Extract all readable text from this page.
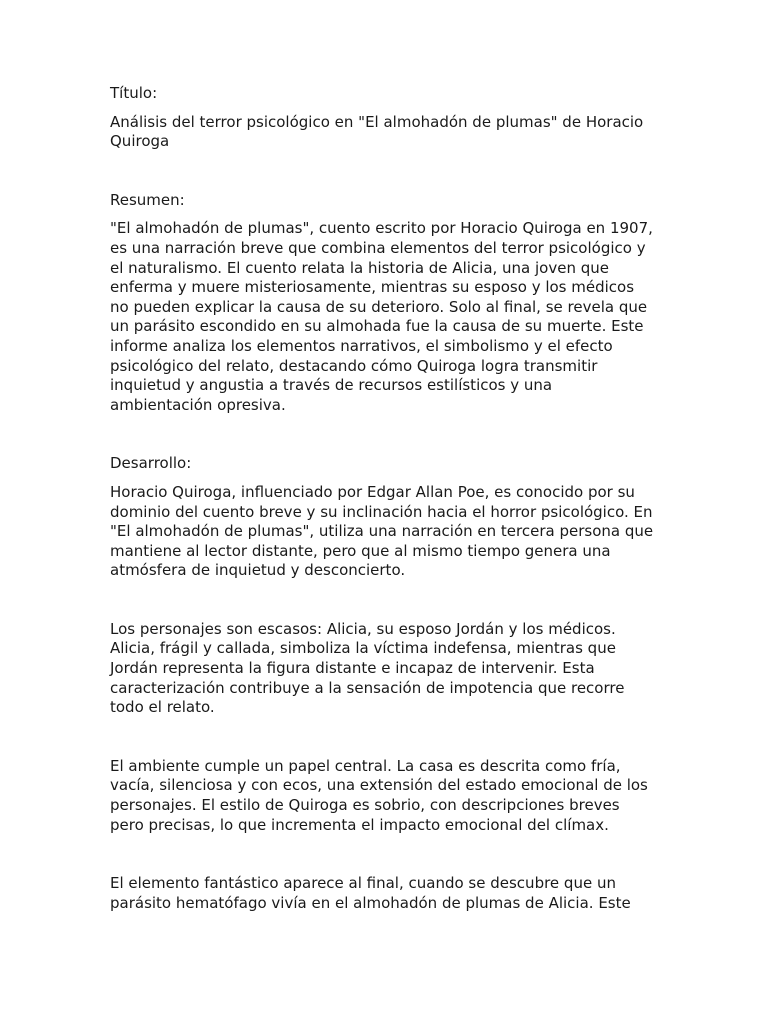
Título:

Análisis del terror psicológico en "El almohadón de plumas" de Horacio Quiroga

Resumen:

"El almohadón de plumas", cuento escrito por Horacio Quiroga en 1907, es una narración breve que combina elementos del terror psicológico y el naturalismo. El cuento relata la historia de Alicia, una joven que enferma y muere misteriosamente, mientras su esposo y los médicos no pueden explicar la causa de su deterioro. Solo al final, se revela que un parásito escondido en su almohada fue la causa de su muerte. Este informe analiza los elementos narrativos, el simbolismo y el efecto psicológico del relato, destacando cómo Quiroga logra transmitir inquietud y angustia a través de recursos estilísticos y una ambientación opresiva.

Desarrollo:

Horacio Quiroga, influenciado por Edgar Allan Poe, es conocido por su dominio del cuento breve y su inclinación hacia el horror psicológico. En "El almohadón de plumas", utiliza una narración en tercera persona que mantiene al lector distante, pero que al mismo tiempo genera una atmósfera de inquietud y desconcierto.

Los personajes son escasos: Alicia, su esposo Jordán y los médicos. Alicia, frágil y callada, simboliza la víctima indefensa, mientras que Jordán representa la figura distante e incapaz de intervenir. Esta caracterización contribuye a la sensación de impotencia que recorre todo el relato.

El ambiente cumple un papel central. La casa es descrita como fría, vacía, silenciosa y con ecos, una extensión del estado emocional de los personajes. El estilo de Quiroga es sobrio, con descripciones breves pero precisas, lo que incrementa el impacto emocional del clímax.

El elemento fantástico aparece al final, cuando se descubre que un parásito hematófago vivía en el almohadón de plumas de Alicia. Este
